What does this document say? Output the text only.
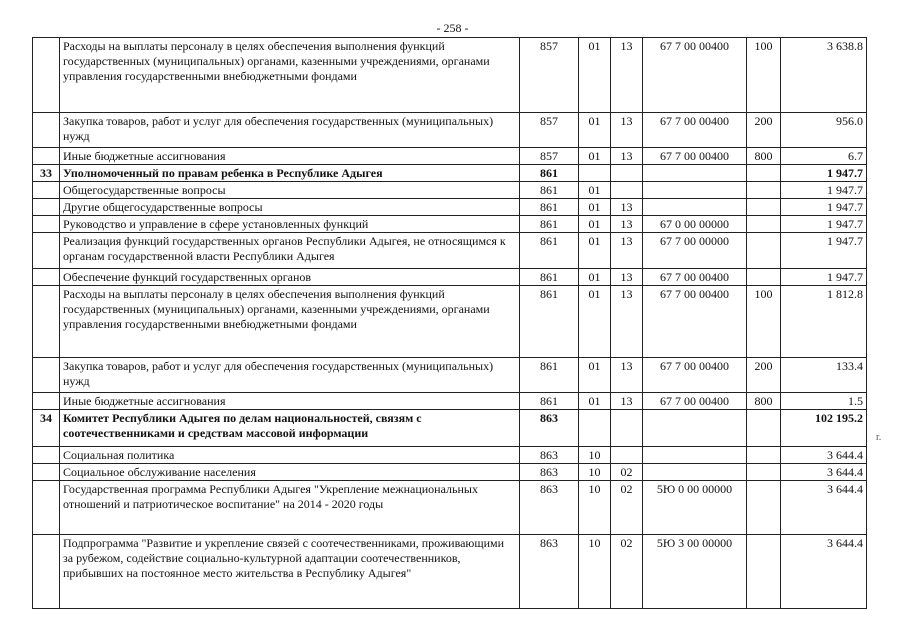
- 258 -
	Расходы на выплаты персоналу в целях обеспечения выполнения функций государственных (муниципальных) органами, казенными учреждениями, органами управления государственными внебюджетными фондами	857	01	13	67 7 00 00400	100	3 638.8
	Закупка товаров, работ и услуг для обеспечения государственных (муниципальных) нужд	857	01	13	67 7 00 00400	200	956.0
	Иные бюджетные ассигнования	857	01	13	67 7 00 00400	800	6.7
33	Уполномоченный по правам ребенка в Республике Адыгея	861					1 947.7
	Общегосударственные вопросы	861	01				1 947.7
	Другие общегосударственные вопросы	861	01	13			1 947.7
	Руководство и управление в сфере установленных функций	861	01	13	67 0 00 00000		1 947.7
	Реализация функций государственных органов Республики Адыгея, не относящимся к органам государственной власти Республики Адыгея	861	01	13	67 7 00 00000		1 947.7
	Обеспечение функций государственных органов	861	01	13	67 7 00 00400		1 947.7
	Расходы на выплаты персоналу в целях обеспечения выполнения функций государственных (муниципальных) органами, казенными учреждениями, органами управления государственными внебюджетными фондами	861	01	13	67 7 00 00400	100	1 812.8
	Закупка товаров, работ и услуг для обеспечения государственных (муниципальных) нужд	861	01	13	67 7 00 00400	200	133.4
	Иные бюджетные ассигнования	861	01	13	67 7 00 00400	800	1.5
34	Комитет Республики Адыгея по делам национальностей, связям с соотечественниками и средствам массовой информации	863					102 195.2
	Социальная политика	863	10				3 644.4
	Социальное обслуживание населения	863	10	02			3 644.4
	Государственная программа Республики Адыгея "Укрепление межнациональных отношений и патриотическое воспитание" на 2014 - 2020 годы	863	10	02	5Ю 0 00 00000		3 644.4
	Подпрограмма "Развитие и укрепление связей с соотечественниками, проживающими за рубежом, содействие социально-культурной адаптации соотечественников, прибывших на постоянное место жительства в Республику Адыгея"	863	10	02	5Ю 3 00 00000		3 644.4
r.
